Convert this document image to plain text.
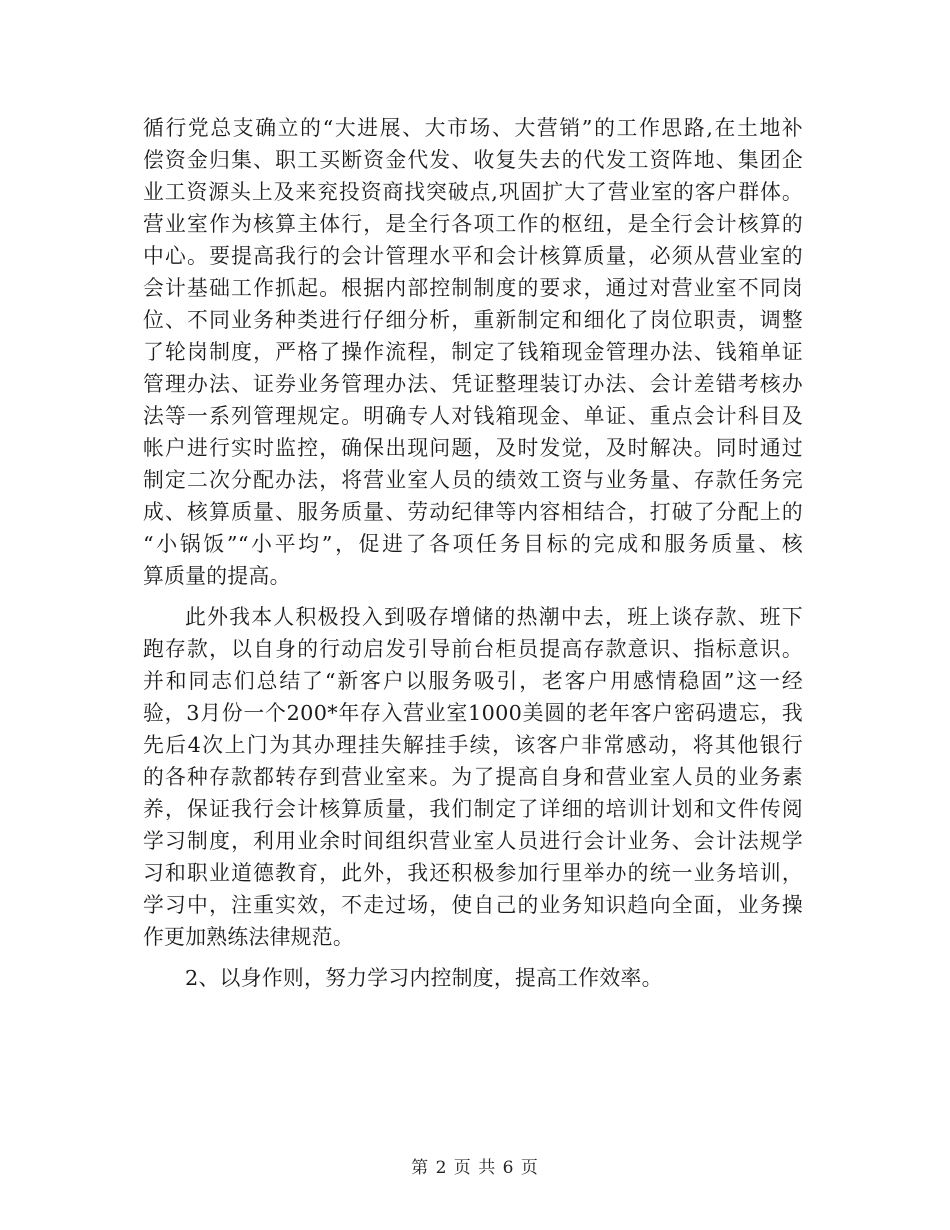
循行党总支确立的“大进展、大市场、大营销”的工作思路,在土地补
偿资金归集、职工买断资金代发、收复失去的代发工资阵地、集团企
业工资源头上及来兖投资商找突破点,巩固扩大了营业室的客户群体。
营业室作为核算主体行，是全行各项工作的枢纽，是全行会计核算的
中心。要提高我行的会计管理水平和会计核算质量，必须从营业室的
会计基础工作抓起。根据内部控制制度的要求，通过对营业室不同岗
位、不同业务种类进行仔细分析，重新制定和细化了岗位职责，调整
了轮岗制度，严格了操作流程，制定了钱箱现金管理办法、钱箱单证
管理办法、证券业务管理办法、凭证整理装订办法、会计差错考核办
法等一系列管理规定。明确专人对钱箱现金、单证、重点会计科目及
帐户进行实时监控，确保出现问题，及时发觉，及时解决。同时通过
制定二次分配办法，将营业室人员的绩效工资与业务量、存款任务完
成、核算质量、服务质量、劳动纪律等内容相结合，打破了分配上的
“小锅饭”“小平均”，促进了各项任务目标的完成和服务质量、核
算质量的提高。
此外我本人积极投入到吸存增储的热潮中去，班上谈存款、班下
跑存款，以自身的行动启发引导前台柜员提高存款意识、指标意识。
并和同志们总结了“新客户以服务吸引，老客户用感情稳固”这一经
验，3月份一个200*年存入营业室1000美圆的老年客户密码遗忘，我
先后4次上门为其办理挂失解挂手续，该客户非常感动，将其他银行
的各种存款都转存到营业室来。为了提高自身和营业室人员的业务素
养，保证我行会计核算质量，我们制定了详细的培训计划和文件传阅
学习制度，利用业余时间组织营业室人员进行会计业务、会计法规学
习和职业道德教育，此外，我还积极参加行里举办的统一业务培训，
学习中，注重实效，不走过场，使自己的业务知识趋向全面，业务操
作更加熟练法律规范。
2、以身作则，努力学习内控制度，提高工作效率。
第 2 页 共 6 页
